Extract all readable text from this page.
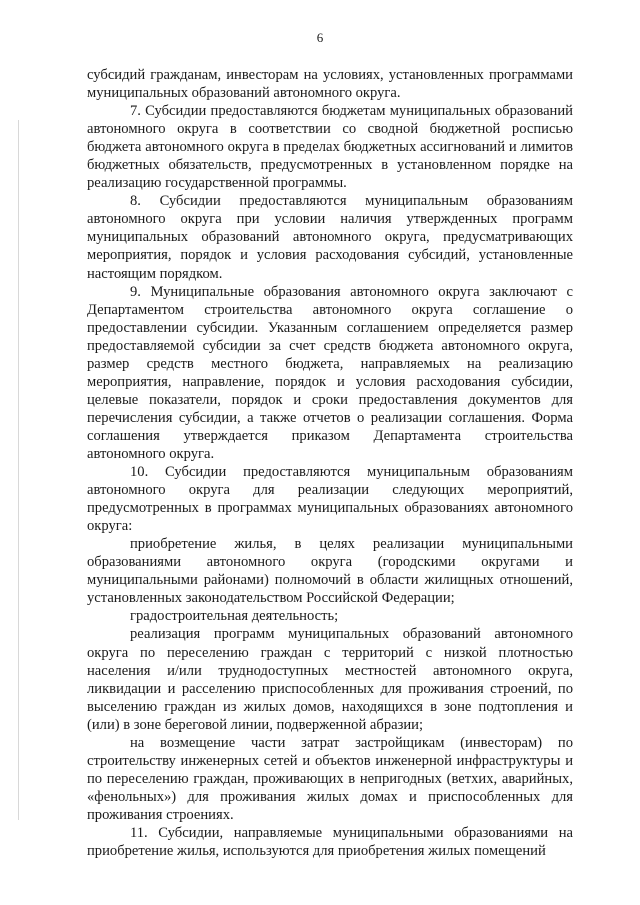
6

субсидий гражданам, инвесторам на условиях, установленных программами муниципальных образований автономного округа.

7. Субсидии предоставляются бюджетам муниципальных образований автономного округа в соответствии со сводной бюджетной росписью бюджета автономного округа в пределах бюджетных ассигнований и лимитов бюджетных обязательств, предусмотренных в установленном порядке на реализацию государственной программы.

8. Субсидии предоставляются муниципальным образованиям автономного округа при условии наличия утвержденных программ муниципальных образований автономного округа, предусматривающих мероприятия, порядок и условия расходования субсидий, установленные настоящим порядком.

9. Муниципальные образования автономного округа заключают с Департаментом строительства автономного округа соглашение о предоставлении субсидии. Указанным соглашением определяется размер предоставляемой субсидии за счет средств бюджета автономного округа, размер средств местного бюджета, направляемых на реализацию мероприятия, направление, порядок и условия расходования субсидии, целевые показатели, порядок и сроки предоставления документов для перечисления субсидии, а также отчетов о реализации соглашения. Форма соглашения утверждается приказом Департамента строительства автономного округа.

10. Субсидии предоставляются муниципальным образованиям автономного округа для реализации следующих мероприятий, предусмотренных в программах муниципальных образованиях автономного округа:

приобретение жилья, в целях реализации муниципальными образованиями автономного округа (городскими округами и муниципальными районами) полномочий в области жилищных отношений, установленных законодательством Российской Федерации;

градостроительная деятельность;

реализация программ муниципальных образований автономного округа по переселению граждан с территорий с низкой плотностью населения и/или труднодоступных местностей автономного округа, ликвидации и расселению приспособленных для проживания строений, по выселению граждан из жилых домов, находящихся в зоне подтопления и (или) в зоне береговой линии, подверженной абразии;

на возмещение части затрат застройщикам (инвесторам) по строительству инженерных сетей и объектов инженерной инфраструктуры и по переселению граждан, проживающих в непригодных (ветхих, аварийных, «фенольных») для проживания жилых домах и приспособленных для проживания строениях.

11. Субсидии, направляемые муниципальными образованиями на приобретение жилья, используются для приобретения жилых помещений
